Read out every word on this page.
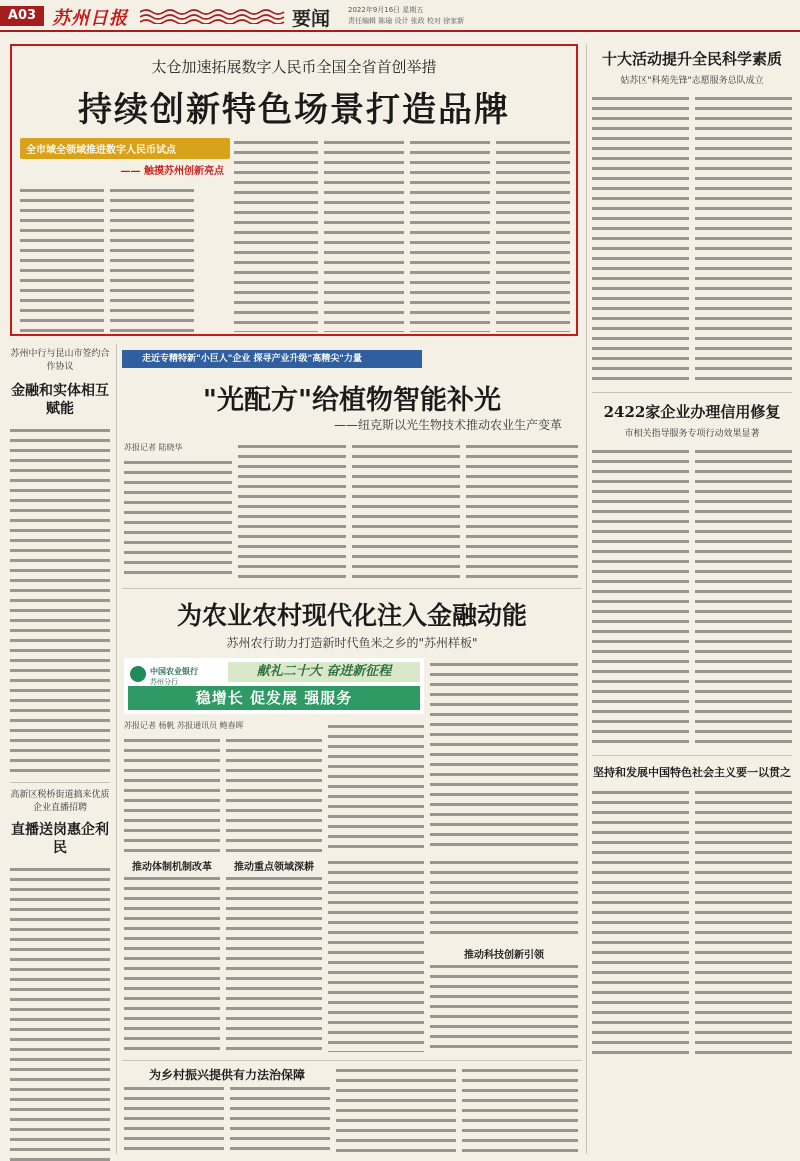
A03 苏州日报	要闻	2022年9月16日 星期五
责任编辑 陈瑜 设计 张政 校对 徐家新
太仓加速拓展数字人民币全国全省首创举措
持续创新特色场景打造品牌
全市域全领域推进数字人民币试点
—— 触摸苏州创新亮点
苏州中行与昆山市签约合作协议
金融和实体相互赋能
高新区税桥街道搞来优质企业直播招聘
直播送岗惠企利民
走近专精特新"小巨人"企业 探寻产业升级"高精尖"力量
"光配方"给植物智能补光
——纽克斯以光生物技术推动农业生产变革
苏报记者 陆晓华
为农业农村现代化注入金融动能
苏州农行助力打造新时代鱼米之乡的"苏州样板"
中国农业银行
苏州分行
献礼二十大 奋进新征程
稳增长 促发展 强服务
苏报记者 杨帆 苏报通讯员 鲍春晖
推动体制机制改革	推动重点领域深耕
推动科技创新引领
为乡村振兴提供有力法治保障
十大活动提升全民科学素质
姑苏区"科苑先锋"志愿服务总队成立
2422家企业办理信用修复
市相关指导服务专项行动效果显著
坚持和发展中国特色社会主义要一以贯之
